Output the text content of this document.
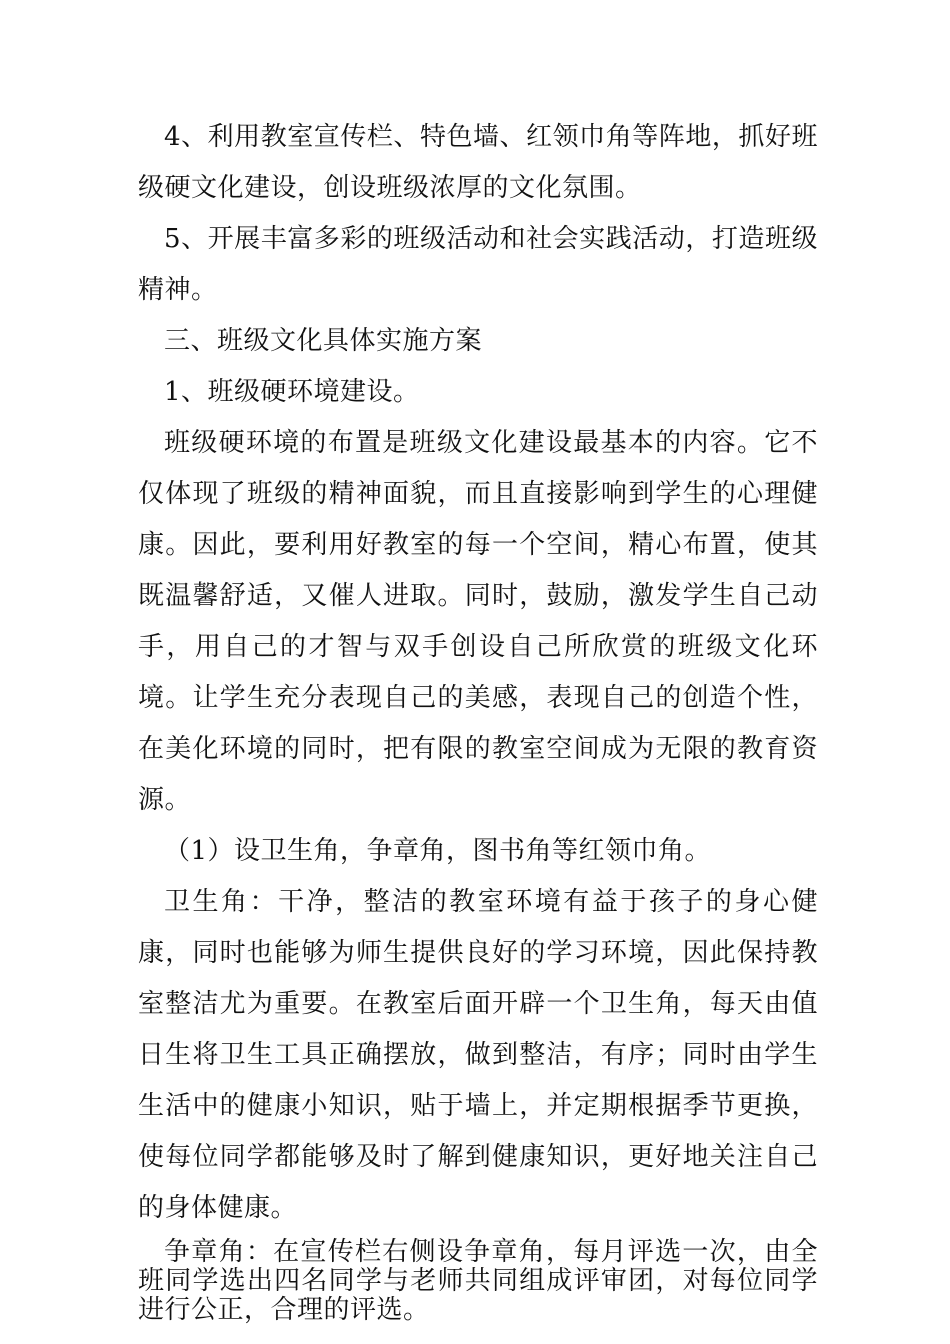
4、利用教室宣传栏、特色墙、红领巾角等阵地，抓好班级硬文化建设，创设班级浓厚的文化氛围。

5、开展丰富多彩的班级活动和社会实践活动，打造班级精神。

三、班级文化具体实施方案

1、班级硬环境建设。

班级硬环境的布置是班级文化建设最基本的内容。它不仅体现了班级的精神面貌，而且直接影响到学生的心理健康。因此，要利用好教室的每一个空间，精心布置，使其既温馨舒适，又催人进取。同时，鼓励，激发学生自己动手，用自己的才智与双手创设自己所欣赏的班级文化环境。让学生充分表现自己的美感，表现自己的创造个性，在美化环境的同时，把有限的教室空间成为无限的教育资源。

（1）设卫生角，争章角，图书角等红领巾角。

卫生角：干净，整洁的教室环境有益于孩子的身心健康，同时也能够为师生提供良好的学习环境，因此保持教室整洁尤为重要。在教室后面开辟一个卫生角，每天由值日生将卫生工具正确摆放，做到整洁，有序；同时由学生生活中的健康小知识，贴于墙上，并定期根据季节更换，使每位同学都能够及时了解到健康知识，更好地关注自己的身体健康。

争章角：在宣传栏右侧设争章角，每月评选一次，由全班同学选出四名同学与老师共同组成评审团，对每位同学进行公正，合理的评选。
